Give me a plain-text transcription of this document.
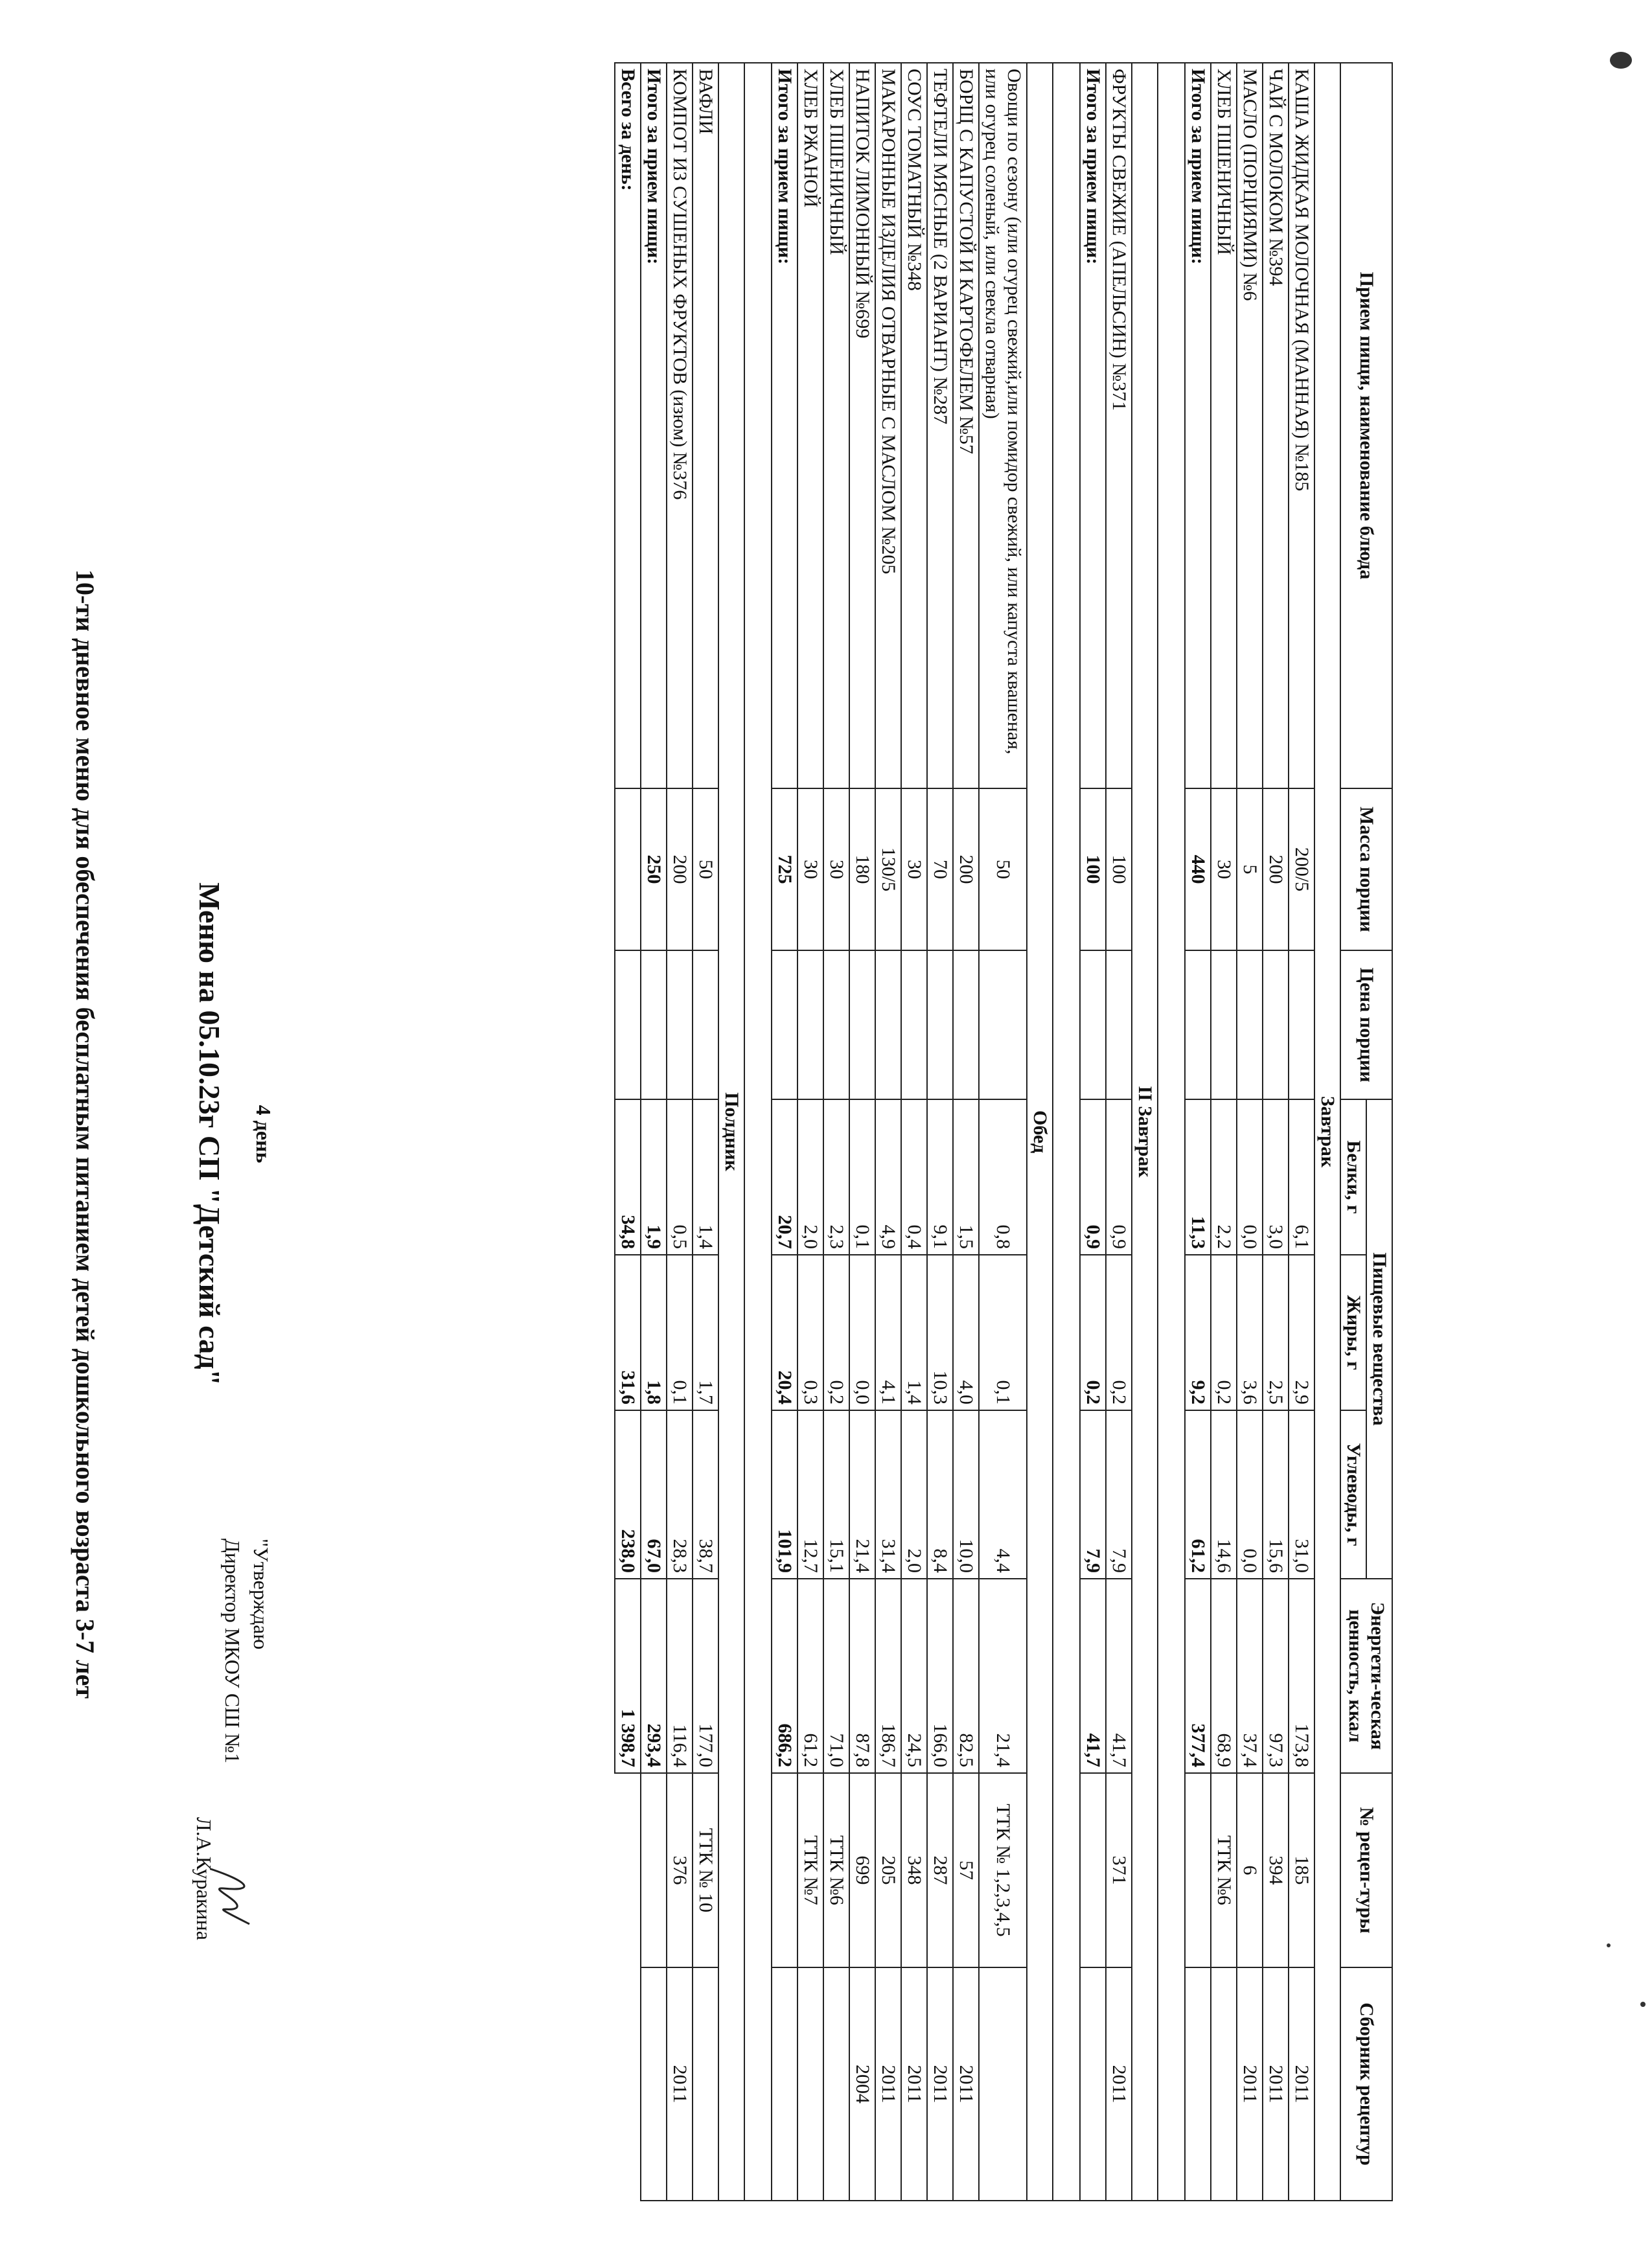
10-ти дневное меню для обеспечения бесплатным питанием детей дошкольного возраста 3-7 лет	"Утверждаю
Директор МКОУ СШ №1
Л.А.Куракина
Меню на 05.10.23г СП "Детский сад" 4 день
Прием пищи, наименование блюда	Масса порции	Цена порции	Пищевые вещества			Энергети-ческая ценность, ккал	№ рецеп-туры	Сборник рецептур
			Белки, г	Жиры, г	Углеводы, г			
Завтрак								
КАША ЖИДКАЯ МОЛОЧНАЯ (МАННАЯ) №185	200/5		6,1	2,9	31,0	173,8	185	2011
ЧАЙ С МОЛОКОМ №394	200		3,0	2,5	15,6	97,3	394	2011
МАСЛО (ПОРЦИЯМИ) №6	5		0,0	3,6	0,0	37,4	6	2011
ХЛЕБ ПШЕНИЧНЫЙ	30		2,2	0,2	14,6	68,9	ТТК №6	
Итого за прием пищи:	440		11,3	9,2	61,2	377,4		

II Завтрак								
ФРУКТЫ СВЕЖИЕ (АПЕЛЬСИН) №371	100		0,9	0,2	7,9	41,7	371	2011
Итого за прием пищи:	100		0,9	0,2	7,9	41,7		

Обед								
Овощи по сезону (или огурец свежий,или помидор свежий, или капуста квашеная, или огурец соленый, или свекла отварная)	50		0,8	0,1	4,4	21,4	ТТК № 1,2,3,4,5	
БОРЩ С КАПУСТОЙ И КАРТОФЕЛЕМ №57	200		1,5	4,0	10,0	82,5	57	2011
ТЕФТЕЛИ МЯСНЫЕ (2 ВАРИАНТ) №287	70		9,1	10,3	8,4	166,0	287	2011
СОУС ТОМАТНЫЙ №348	30		0,4	1,4	2,0	24,5	348	2011
МАКАРОННЫЕ ИЗДЕЛИЯ ОТВАРНЫЕ С МАСЛОМ №205	130/5		4,9	4,1	31,4	186,7	205	2011
НАПИТОК ЛИМОННЫЙ №699	180		0,1	0,0	21,4	87,8	699	2004
ХЛЕБ ПШЕНИЧНЫЙ	30		2,3	0,2	15,1	71,0	ТТК №6	
ХЛЕБ РЖАНОЙ	30		2,0	0,3	12,7	61,2	ТТК №7	
Итого за прием пищи:	725		20,7	20,4	101,9	686,2		

Полдник								
ВАФЛИ	50		1,4	1,7	38,7	177,0	ТТК № 10	
КОМПОТ ИЗ СУШЕНЫХ ФРУКТОВ (изюм) №376	200		0,5	0,1	28,3	116,4	376	2011
Итого за прием пищи:	250		1,9	1,8	67,0	293,4		
Всего за день:			34,8	31,6	238,0	1 398,7		
